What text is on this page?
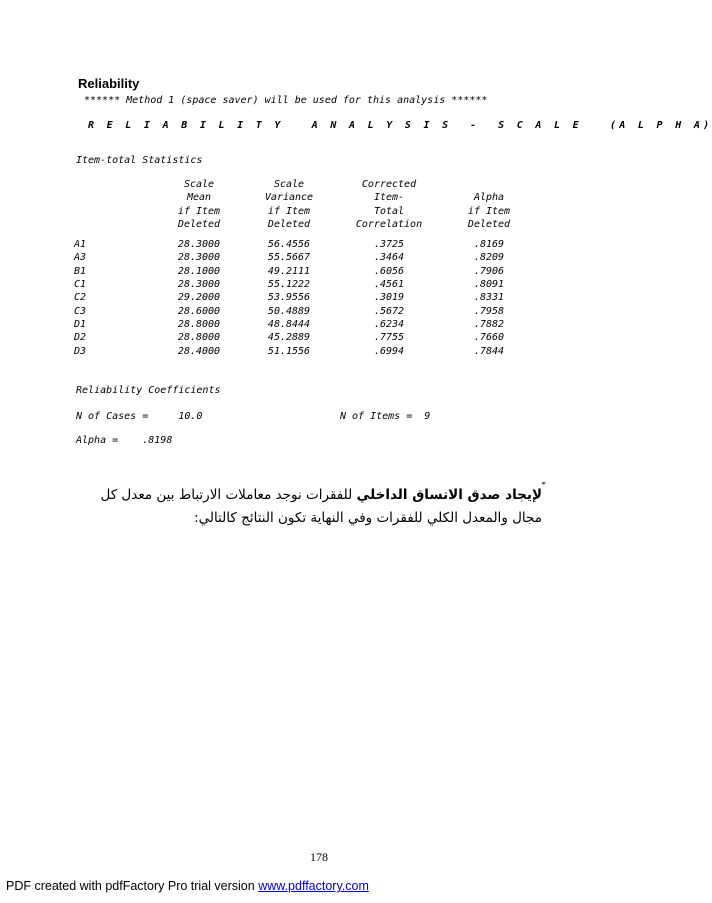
Reliability
****** Method 1 (space saver) will be used for this analysis ******
R E L I A B I L I T Y   A N A L Y S I S  -  S C A L E   (A L P H A)
Item-total Statistics
	Scale	Scale	Corrected	
	Mean	Variance	Item-	Alpha
	if Item	if Item	Total	if Item
	Deleted	Deleted	Correlation	Deleted

A1	28.3000	56.4556	.3725	.8169
A3	28.3000	55.5667	.3464	.8209
B1	28.1000	49.2111	.6056	.7906
C1	28.3000	55.1222	.4561	.8091
C2	29.2000	53.9556	.3019	.8331
C3	28.6000	50.4889	.5672	.7958
D1	28.8000	48.8444	.6234	.7882
D2	28.8000	45.2889	.7755	.7660
D3	28.4000	51.1556	.6994	.7844
Reliability Coefficients
N of Cases =	10.0	N of Items = 9
Alpha = .8198
ﹼ
لإيجاد صدق الاتساق الداخلي للفقرات نوجد معاملات الارتباط بين معدل كل
مجال والمعدل الكلي للفقرات وفي النهاية تكون النتائج كالتالي:
178
PDF created with pdfFactory Pro trial version www.pdffactory.com
